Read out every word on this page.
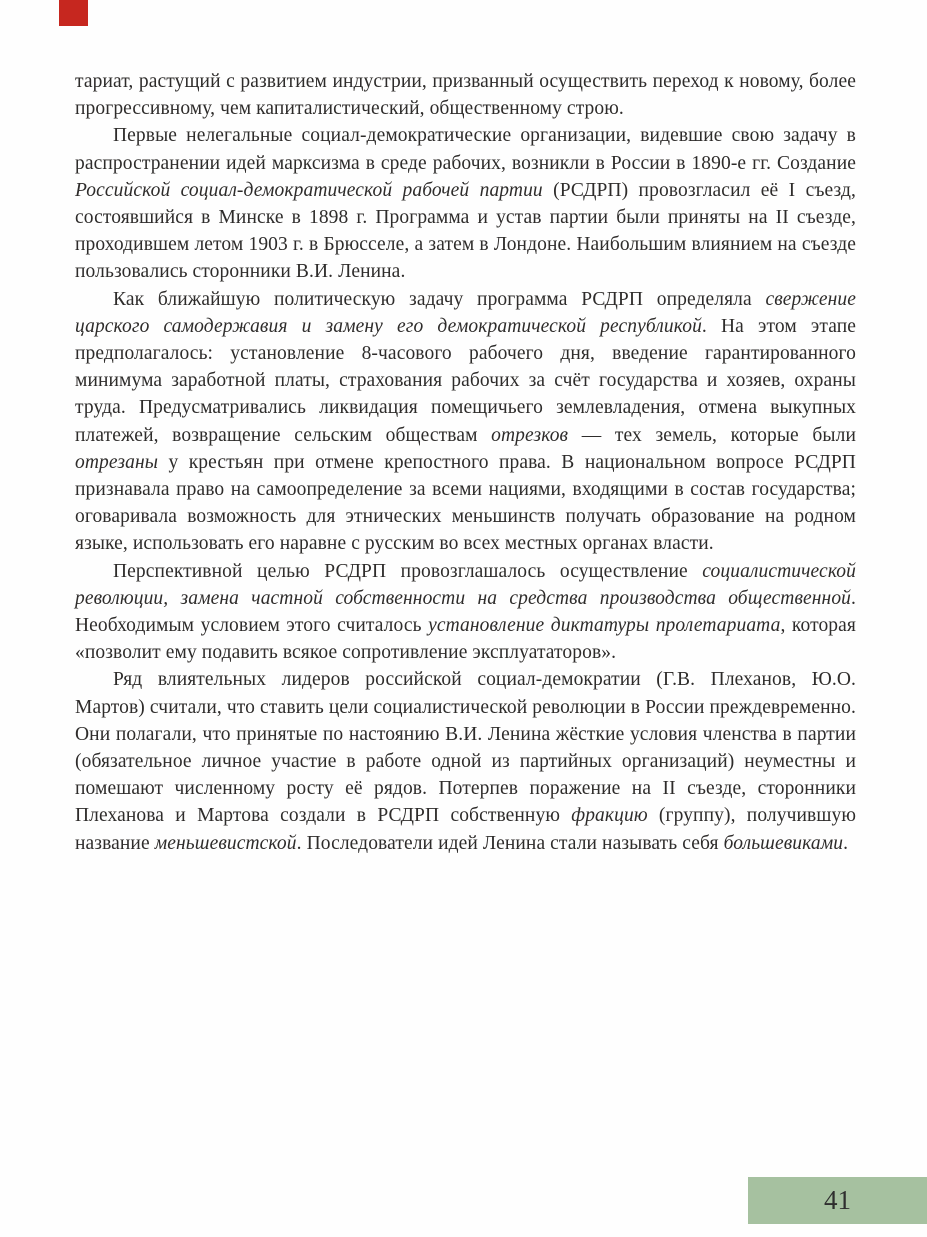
тариат, растущий с развитием индустрии, призванный осуществить переход к новому, более прогрессивному, чем капиталистический, общественному строю.

Первые нелегальные социал-демократические организации, видевшие свою задачу в распространении идей марксизма в среде рабочих, возникли в России в 1890-е гг. Создание Российской социал-демократической рабочей партии (РСДРП) провозгласил её I съезд, состоявшийся в Минске в 1898 г. Программа и устав партии были приняты на II съезде, проходившем летом 1903 г. в Брюсселе, а затем в Лондоне. Наибольшим влиянием на съезде пользовались сторонники В.И. Ленина.

Как ближайшую политическую задачу программа РСДРП определяла свержение царского самодержавия и замену его демократической республикой. На этом этапе предполагалось: установление 8-часового рабочего дня, введение гарантированного минимума заработной платы, страхования рабочих за счёт государства и хозяев, охраны труда. Предусматривались ликвидация помещичьего землевладения, отмена выкупных платежей, возвращение сельским обществам отрезков — тех земель, которые были отрезаны у крестьян при отмене крепостного права. В национальном вопросе РСДРП признавала право на самоопределение за всеми нациями, входящими в состав государства; оговаривала возможность для этнических меньшинств получать образование на родном языке, использовать его наравне с русским во всех местных органах власти.

Перспективной целью РСДРП провозглашалось осуществление социалистической революции, замена частной собственности на средства производства общественной. Необходимым условием этого считалось установление диктатуры пролетариата, которая «позволит ему подавить всякое сопротивление эксплуататоров».

Ряд влиятельных лидеров российской социал-демократии (Г.В. Плеханов, Ю.О. Мартов) считали, что ставить цели социалистической революции в России преждевременно. Они полагали, что принятые по настоянию В.И. Ленина жёсткие условия членства в партии (обязательное личное участие в работе одной из партийных организаций) неуместны и помешают численному росту её рядов. Потерпев поражение на II съезде, сторонники Плеханова и Мартова создали в РСДРП собственную фракцию (группу), получившую название меньшевистской. Последователи идей Ленина стали называть себя большевиками.

41
